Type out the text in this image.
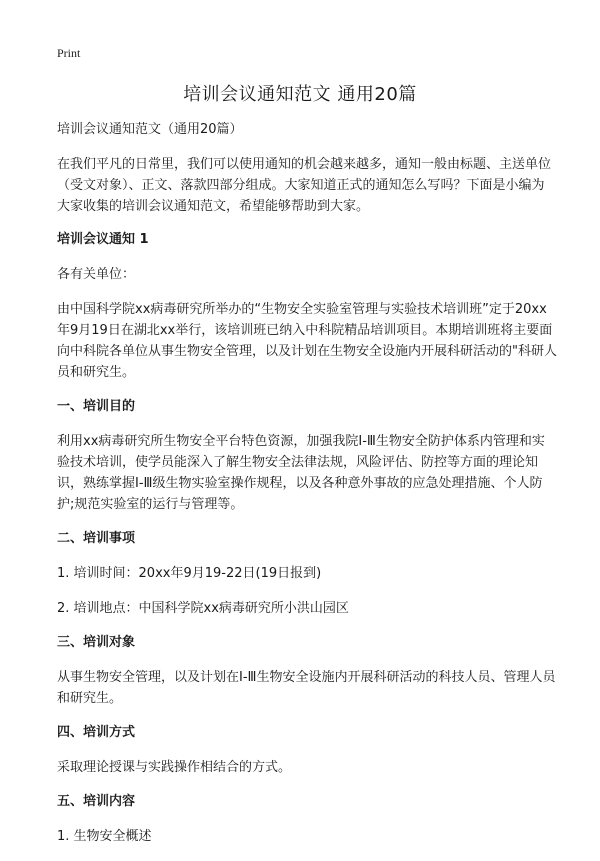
Print
培训会议通知范文 通用20篇

培训会议通知范文（通用20篇）

在我们平凡的日常里，我们可以使用通知的机会越来越多，通知一般由标题、主送单位（受文对象）、正文、落款四部分组成。大家知道正式的通知怎么写吗？下面是小编为大家收集的培训会议通知范文，希望能够帮助到大家。

培训会议通知 1

各有关单位：

由中国科学院xx病毒研究所举办的“生物安全实验室管理与实验技术培训班”定于20xx年9月19日在湖北xx举行，该培训班已纳入中科院精品培训项目。本期培训班将主要面向中科院各单位从事生物安全管理，以及计划在生物安全设施内开展科研活动的"科研人员和研究生。

一、培训目的

利用xx病毒研究所生物安全平台特色资源，加强我院I-Ⅲ生物安全防护体系内管理和实验技术培训，使学员能深入了解生物安全法律法规，风险评估、防控等方面的理论知识，熟练掌握I-Ⅲ级生物实验室操作规程，以及各种意外事故的应急处理措施、个人防护;规范实验室的运行与管理等。

二、培训事项

1. 培训时间：20xx年9月19-22日(19日报到)

2. 培训地点：中国科学院xx病毒研究所小洪山园区

三、培训对象

从事生物安全管理，以及计划在I-Ⅲ生物安全设施内开展科研活动的科技人员、管理人员和研究生。

四、培训方式

采取理论授课与实践操作相结合的方式。

五、培训内容

1. 生物安全概述
